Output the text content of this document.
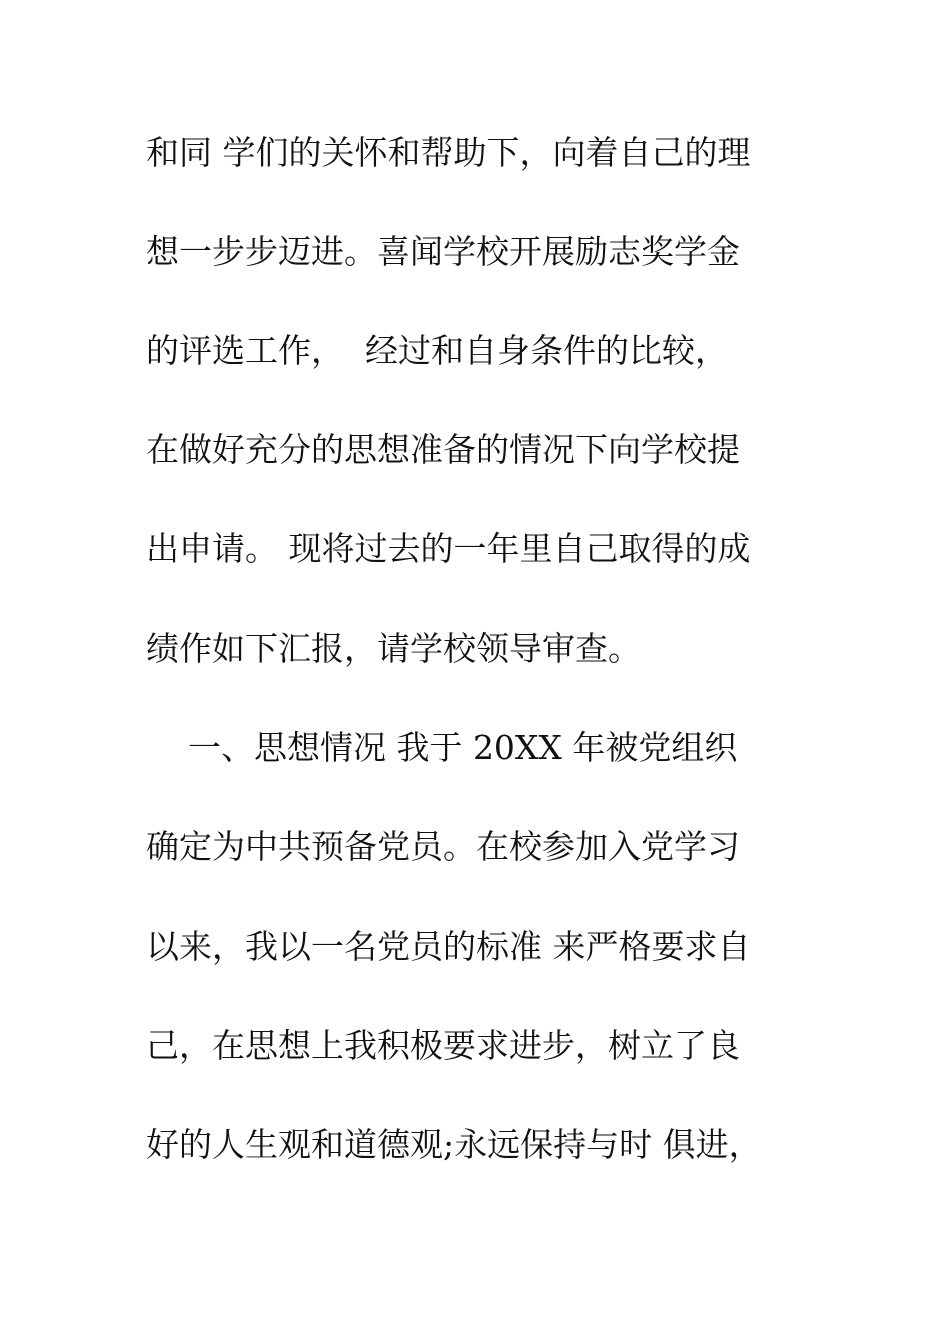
和同 学们的关怀和帮助下，向着自己的理
想一步步迈进。喜闻学校开展励志奖学金
的评选工作，  经过和自身条件的比较，
在做好充分的思想准备的情况下向学校提
出申请。 现将过去的一年里自己取得的成
绩作如下汇报，请学校领导审查。
一、思想情况 我于 20XX 年被党组织
确定为中共预备党员。在校参加入党学习
以来，我以一名党员的标准 来严格要求自
己，在思想上我积极要求进步，树立了良
好的人生观和道德观;永远保持与时 俱进，
